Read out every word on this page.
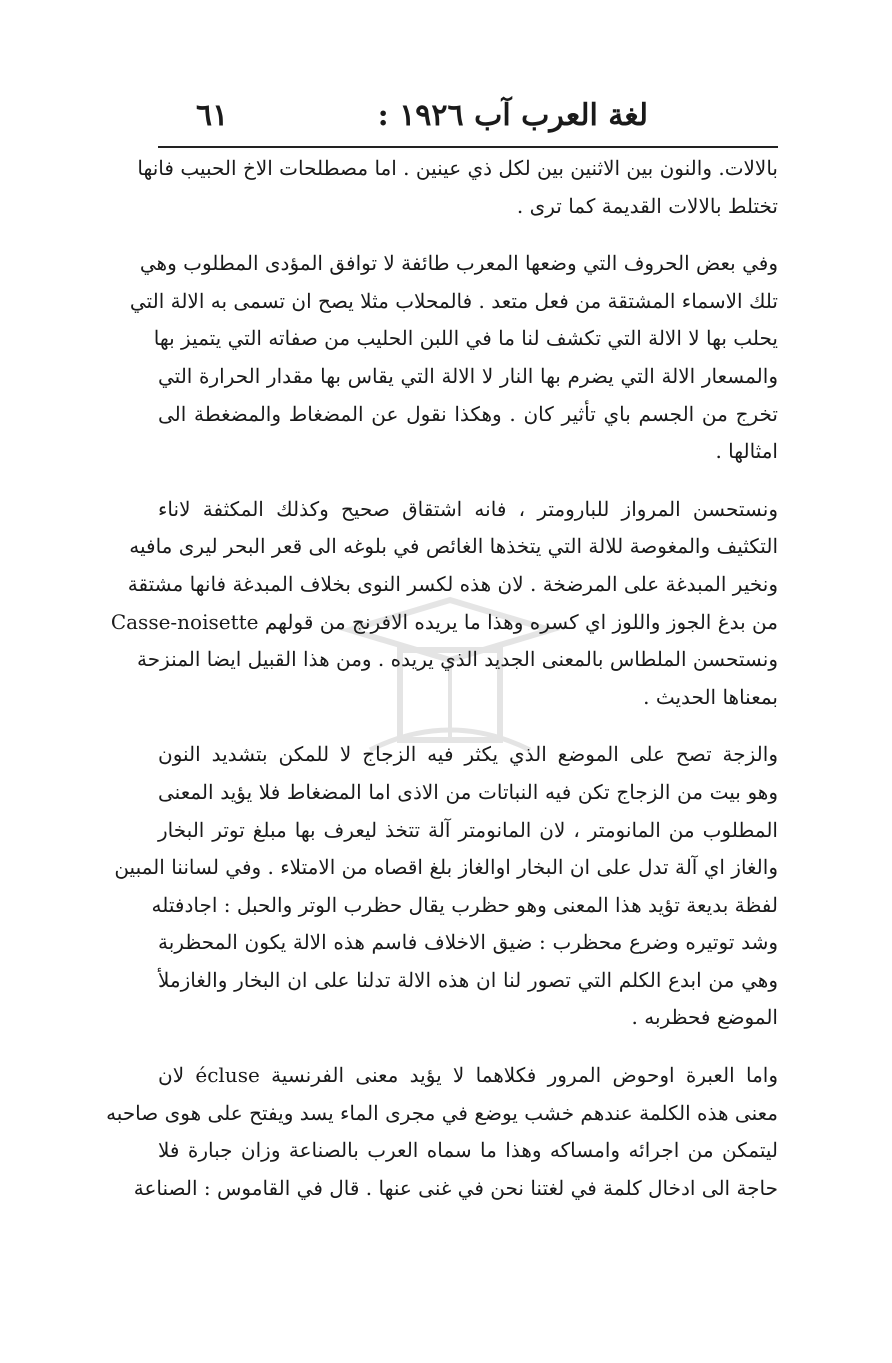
لغة العرب آب ١٩٢٦ :
٦١
بالالات. والنون بين الاثنين بين لكل ذي عينين . اما مصطلحات الاخ الحبيب فانها
تختلط بالالات القديمة كما ترى .
وفي بعض الحروف التي وضعها المعرب طائفة لا توافق المؤدى المطلوب وهي
تلك الاسماء المشتقة من فعل متعد . فالمحلاب مثلا يصح ان تسمى به الالة التي
يحلب بها لا الالة التي تكشف لنا ما في اللبن الحليب من صفاته التي يتميز بها
والمسعار الالة التي يضرم بها النار لا الالة التي يقاس بها مقدار الحرارة التي
تخرج من الجسم باي تأثير كان . وهكذا نقول عن المضغاط والمضغطة الى
امثالها .
ونستحسن المرواز للبارومتر ، فانه اشتقاق صحيح وكذلك المكثفة لاناء
التكثيف والمغوصة للالة التي يتخذها الغائص في بلوغه الى قعر البحر ليرى مافيه
ونخير المبدغة على المرضخة . لان هذه لكسر النوى بخلاف المبدغة فانها مشتقة
من بدغ الجوز واللوز اي كسره وهذا ما يريده الافرنج من قولهم Casse-noisette
ونستحسن الملطاس بالمعنى الجديد الذي يريده . ومن هذا القبيل ايضا المنزحة
بمعناها الحديث .
والزجة تصح على الموضع الذي يكثر فيه الزجاج لا للمكن بتشديد النون
وهو بيت من الزجاج تكن فيه النباتات من الاذى اما المضغاط فلا يؤيد المعنى
المطلوب من المانومتر ، لان المانومتر آلة تتخذ ليعرف بها مبلغ توتر البخار
والغاز اي آلة تدل على ان البخار اوالغاز بلغ اقصاه من الامتلاء . وفي لساننا المبين
لفظة بديعة تؤيد هذا المعنى وهو حظرب يقال حظرب الوتر والحبل : اجادفتله
وشد توتيره وضرع محظرب : ضيق الاخلاف فاسم هذه الالة يكون المحظربة
وهي من ابدع الكلم التي تصور لنا ان هذه الالة تدلنا على ان البخار والغازملأ
الموضع فحظربه .
واما العبرة اوحوض المرور فكلاهما لا يؤيد معنى الفرنسية écluse لان
معنى هذه الكلمة عندهم خشب يوضع في مجرى الماء يسد ويفتح على هوى صاحبه
ليتمكن من اجرائه وامساكه وهذا ما سماه العرب بالصناعة وزان جبارة فلا
حاجة الى ادخال كلمة في لغتنا نحن في غنى عنها . قال في القاموس : الصناعة
